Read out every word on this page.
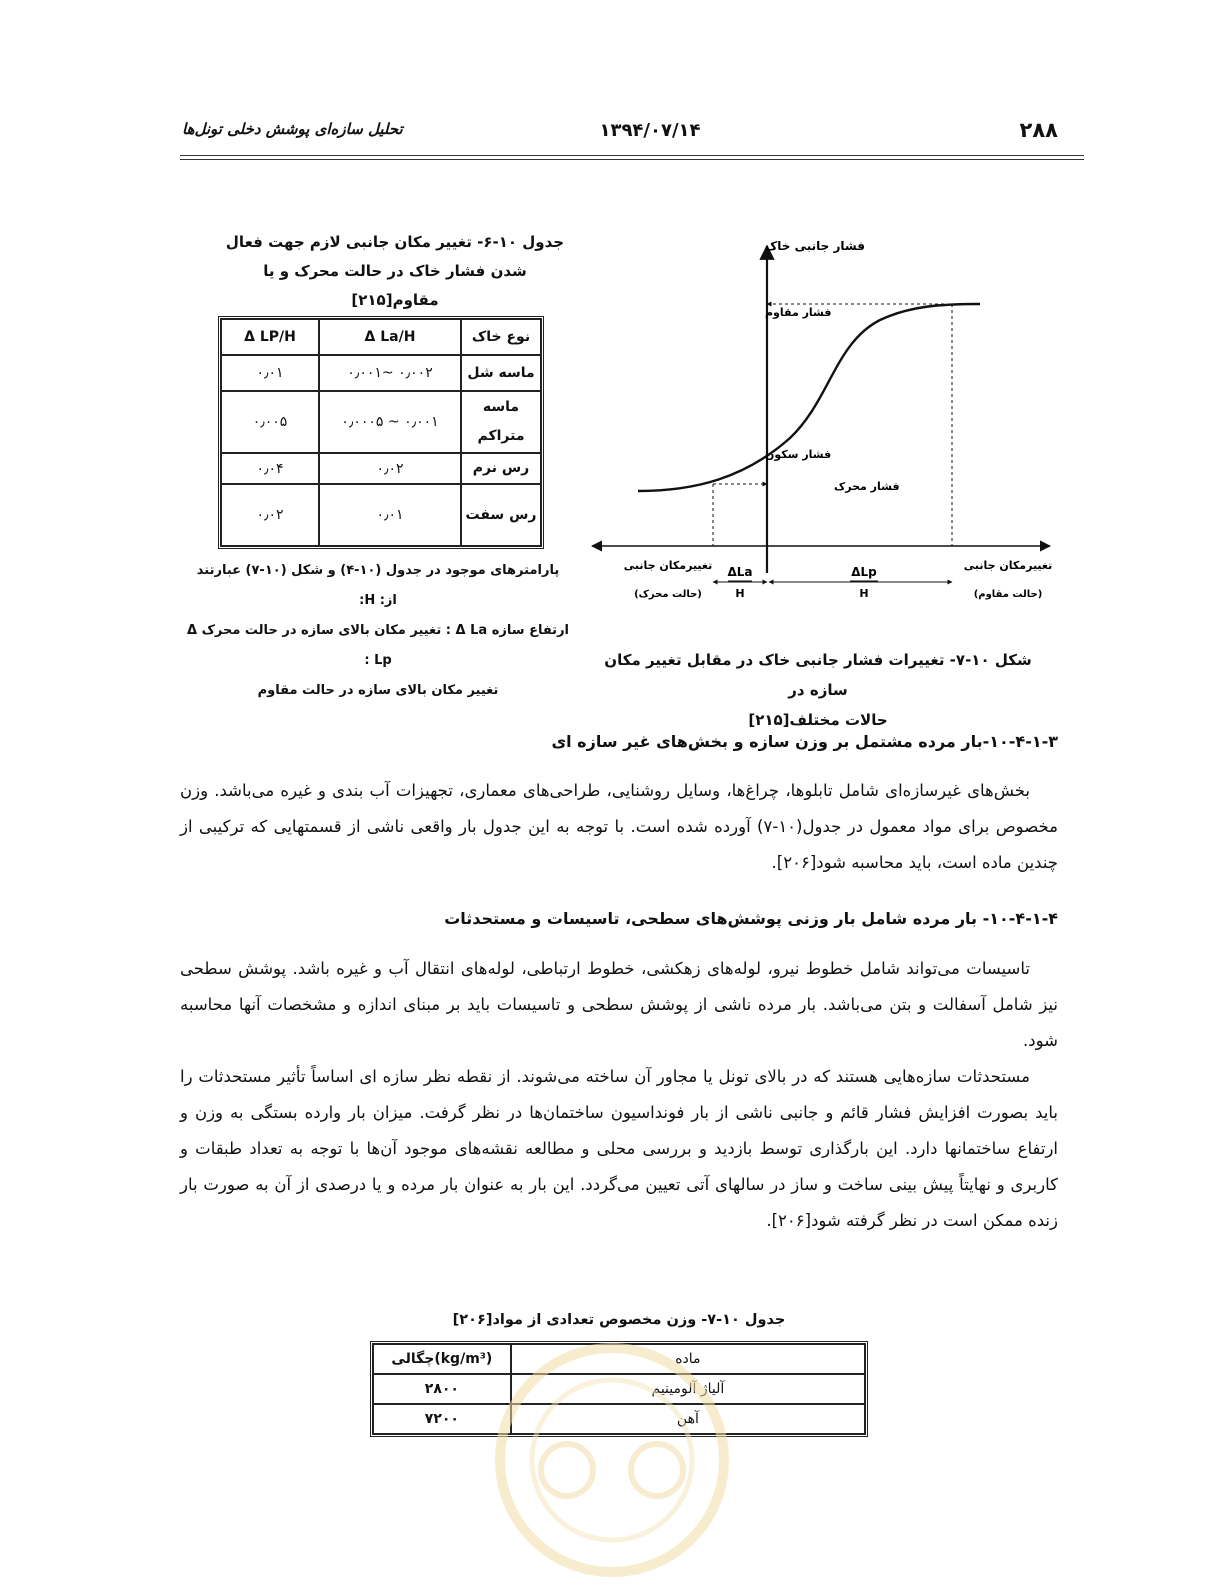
تحلیل سازه‌ای پوشش دخلی تونل‌ها	۱۳۹۴/۰۷/۱۴	۲۸۸
جدول ۱۰-۶- تغییر مکان جانبی لازم جهت فعال
شدن فشار خاک در حالت محرک و یا
مقاوم[۲۱۵]
Δ LP/H	Δ La/H	نوع خاک
۰٫۰۱	۰٫۰۰۱~ ۰٫۰۰۲	ماسه شل
۰٫۰۰۵	۰٫۰۰۰۵ ~ ۰٫۰۰۱	ماسه متراکم
۰٫۰۴	۰٫۰۲	رس نرم
۰٫۰۲	۰٫۰۱	رس سفت
پارامترهای موجود در جدول (۱۰-۴) و شکل (۱۰-۷) عبارتند از: H:
ارتفاع سازه Δ La : تغییر مکان بالای سازه در حالت محرک Δ Lp :
تغییر مکان بالای سازه در حالت مقاوم
فشار جانبی خاک
فشار مقاوم
فشار سکون
فشار محرک
تغییرمکان جانبی
(حالت محرک)
تغییرمکان جانبی
(حالت مقاوم)
ΔLa
H
ΔLp
H
شکل ۱۰-۷- تغییرات فشار جانبی خاک در مقابل تغییر مکان سازه در
حالات مختلف[۲۱۵]
۱۰-۴-۱-۳-بار مرده مشتمل بر وزن سازه و بخش‌های غیر سازه ای
بخش‌های غیرسازه‌ای شامل تابلوها، چراغ‌ها، وسایل روشنایی، طراحی‌های معماری، تجهیزات آب بندی و غیره می‌باشد. وزن مخصوص برای مواد معمول در جدول(۱۰-۷) آورده شده است. با توجه به این جدول بار واقعی ناشی از قسمتهایی که ترکیبی از چندین ماده است، باید محاسبه شود[۲۰۶].
۱۰-۴-۱-۴- بار مرده شامل بار وزنی پوشش‌های سطحی، تاسیسات و مستحدثات
تاسیسات می‌تواند شامل خطوط نیرو، لوله‌های زهکشی، خطوط ارتباطی، لوله‌های انتقال آب و غیره باشد. پوشش سطحی نیز شامل آسفالت و بتن می‌باشد. بار مرده ناشی از پوشش سطحی و تاسیسات باید بر مبنای اندازه و مشخصات آنها محاسبه شود.
مستحدثات سازه‌هایی هستند که در بالای تونل یا مجاور آن ساخته می‌شوند. از نقطه نظر سازه ای اساساً تأثیر مستحدثات را باید بصورت افزایش فشار قائم و جانبی ناشی از بار فونداسیون ساختمان‌ها در نظر گرفت. میزان بار وارده بستگی به وزن و ارتفاع ساختمانها دارد. این بارگذاری توسط بازدید و بررسی محلی و مطالعه نقشه‌های موجود آن‌ها با توجه به تعداد طبقات و کاربری و نهایتاً پیش بینی ساخت و ساز در سالهای آتی تعیین می‌گردد. این بار به عنوان بار مرده و یا درصدی از آن به صورت بار زنده ممکن است در نظر گرفته شود[۲۰۶].
جدول ۱۰-۷- وزن مخصوص تعدادی از مواد[۲۰۶]
چگالی(kg/m³)	ماده
۲۸۰۰	آلیاژ آلومینیم
۷۲۰۰	آهن
